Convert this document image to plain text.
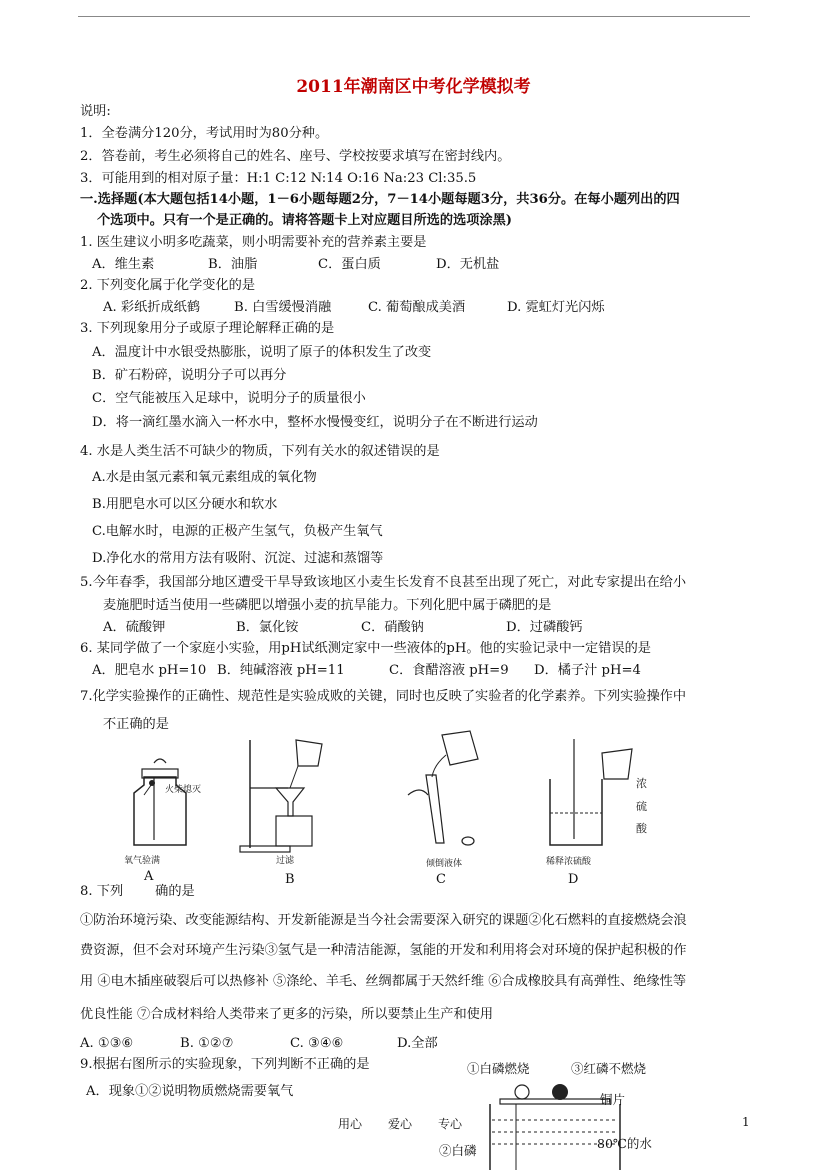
2011年潮南区中考化学模拟考
说明:
1．全卷满分120分，考试用时为80分种。
2．答卷前，考生必须将自己的姓名、座号、学校按要求填写在密封线内。
3．可能用到的相对原子量：H:1 C:12 N:14 O:16 Na:23 Cl:35.5
一.选择题(本大题包括14小题，1－6小题每题2分，7－14小题每题3分，共36分。在每小题列出的四
个选项中。只有一个是正确的。请将答题卡上对应题目所选的选项涂黑)
1. 医生建议小明多吃蔬菜，则小明需要补充的营养素主要是
A．维生素	B．油脂	C．蛋白质	D．无机盐
2. 下列变化属于化学变化的是
A. 彩纸折成纸鹤	B. 白雪缓慢消融	C. 葡萄酿成美酒	D. 霓虹灯光闪烁
3. 下列现象用分子或原子理论解释正确的是
A．温度计中水银受热膨胀，说明了原子的体积发生了改变
B．矿石粉碎，说明分子可以再分
C．空气能被压入足球中，说明分子的质量很小
D．将一滴红墨水滴入一杯水中，整杯水慢慢变红，说明分子在不断进行运动
4. 水是人类生活不可缺少的物质，下列有关水的叙述错误的是
A.水是由氢元素和氧元素组成的氧化物
B.用肥皂水可以区分硬水和软水
C.电解水时，电源的正极产生氢气，负极产生氧气
D.净化水的常用方法有吸附、沉淀、过滤和蒸馏等
5.今年春季，我国部分地区遭受干旱导致该地区小麦生长发育不良甚至出现了死亡，对此专家提出在给小
麦施肥时适当使用一些磷肥以增强小麦的抗旱能力。下列化肥中属于磷肥的是
A．硫酸钾	B．氯化铵	C．硝酸钠	D．过磷酸钙
6. 某同学做了一个家庭小实验，用pH试纸测定家中一些液体的pH。他的实验记录中一定错误的是
A．肥皂水 pH=10 B．纯碱溶液 pH=11	C．食醋溶液 pH=9 D．橘子汁 pH=4
7.化学实验操作的正确性、规范性是实验成败的关键，同时也反映了实验者的化学素养。下列实验操作中
不正确的是
火柴熄灭
氧气验满
A
过滤
B
倾倒液体
C
浓
硫
酸
稀释浓硫酸
D
8. 下列 确的是
①防治环境污染、改变能源结构、开发新能源是当今社会需要深入研究的课题②化石燃料的直接燃烧会浪
费资源，但不会对环境产生污染③氢气是一种清洁能源，氢能的开发和利用将会对环境的保护起积极的作
用 ④电木插座破裂后可以热修补 ⑤涤纶、羊毛、丝绸都属于天然纤维 ⑥合成橡胶具有高弹性、绝缘性等
优良性能 ⑦合成材料给人类带来了更多的污染，所以要禁止生产和使用
A. ①③⑥	B. ①②⑦	C. ③④⑥	D.全部
9.根据右图所示的实验现象，下列判断不正确的是
A．现象①②说明物质燃烧需要氧气
①白磷燃烧	③红磷不燃烧
铜片
80℃的水
②白磷
用心 爱心 专心	1
